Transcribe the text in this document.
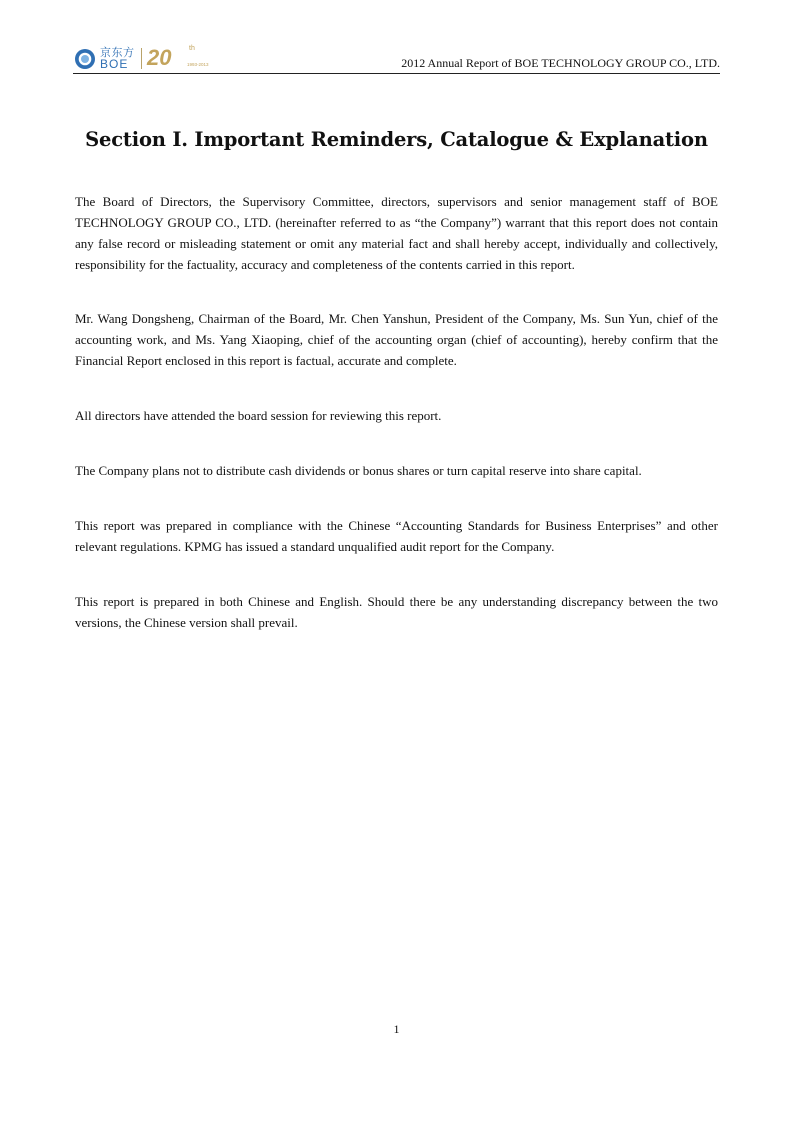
京东方
BOE 20	th
1993-2013	2012 Annual Report of BOE TECHNOLOGY GROUP CO., LTD.
Section I. Important Reminders, Catalogue & Explanation

The Board of Directors, the Supervisory Committee, directors, supervisors and senior management staff of BOE TECHNOLOGY GROUP CO., LTD. (hereinafter referred to as “the Company”) warrant that this report does not contain any false record or misleading statement or omit any material fact and shall hereby accept, individually and collectively, responsibility for the factuality, accuracy and completeness of the contents carried in this report.

Mr. Wang Dongsheng, Chairman of the Board, Mr. Chen Yanshun, President of the Company, Ms. Sun Yun, chief of the accounting work, and Ms. Yang Xiaoping, chief of the accounting organ (chief of accounting), hereby confirm that the Financial Report enclosed in this report is factual, accurate and complete.

All directors have attended the board session for reviewing this report.

The Company plans not to distribute cash dividends or bonus shares or turn capital reserve into share capital.

This report was prepared in compliance with the Chinese “Accounting Standards for Business Enterprises” and other relevant regulations. KPMG has issued a standard unqualified audit report for the Company.

This report is prepared in both Chinese and English. Should there be any understanding discrepancy between the two versions, the Chinese version shall prevail.

1
